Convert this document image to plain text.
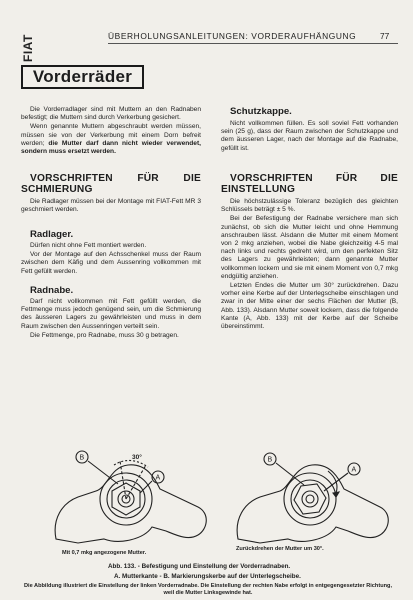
FIAT	ÜBERHOLUNGSANLEITUNGEN: VORDERAUFHÄNGUNG	77
Vorderräder

Die Vorderradlager sind mit Muttern an den Radnaben befestigt; die Muttern sind durch Verkerbung gesichert.

Wenn genannte Muttern abgeschraubt werden müssen, müssen sie von der Verkerbung mit einem Dorn befreit werden; die Mutter darf dann nicht wieder verwendet, sondern muss ersetzt werden.

VORSCHRIFTEN FÜR DIE SCHMIERUNG

Die Radlager müssen bei der Montage mit FIAT-Fett MR 3 geschmiert werden.

Radlager.

Dürfen nicht ohne Fett montiert werden.

Vor der Montage auf den Achsschenkel muss der Raum zwischen dem Käfig und dem Aussenring vollkommen mit Fett gefüllt werden.

Radnabe.

Darf nicht vollkommen mit Fett gefüllt werden, die Fettmenge muss jedoch genügend sein, um die Schmierung des äusseren Lagers zu gewährleisten und muss in dem Raum zwischen den Aussenringen verteilt sein.

Die Fettmenge, pro Radnabe, muss 30 g betragen.

Schutzkappe.

Nicht vollkommen füllen. Es soll soviel Fett vorhanden sein (25 g), dass der Raum zwischen der Schutzkappe und dem äusseren Lager, nach der Montage auf die Radnabe, gefüllt ist.

VORSCHRIFTEN FÜR DIE EINSTELLUNG

Die höchstzulässige Toleranz bezüglich des gleichten Schlüssels beträgt ± 5 %.

Bei der Befestigung der Radnabe versichere man sich zunächst, ob sich die Mutter leicht und ohne Hemmung anschrauben lässt. Alsdann die Mutter mit einem Moment von 2 mkg anziehen, wobei die Nabe gleichzeitig 4-5 mal nach links und rechts gedreht wird, um den perfekten Sitz des Lagers zu gewährleisten; dann genannte Mutter vollkommen lockern und sie mit einem Moment von 0,7 mkg endgültig anziehen.

Letzten Endes die Mutter um 30° zurückdrehen. Dazu vorher eine Kerbe auf der Unterlegscheibe einschlagen und zwar in der Mitte einer der sechs Flächen der Mutter (B, Abb. 133). Alsdann Mutter soweit lockern, dass die folgende Kante (A, Abb. 133) mit der Kerbe auf der Scheibe übereinstimmt.

B
A
30°	B
A
Mit 0,7 mkg angezogene Mutter.
Zurückdrehen der Mutter um 30°.
Abb. 133. - Befestigung und Einstellung der Vorderradnaben.
A. Mutterkante - B. Markierungskerbe auf der Unterlegscheibe.
Die Abbildung illustriert die Einstellung der linken Vorderradnabe. Die Einstellung der rechten Nabe erfolgt in entgegengesetzter Richtung, weil die Mutter Linksgewinde hat.
